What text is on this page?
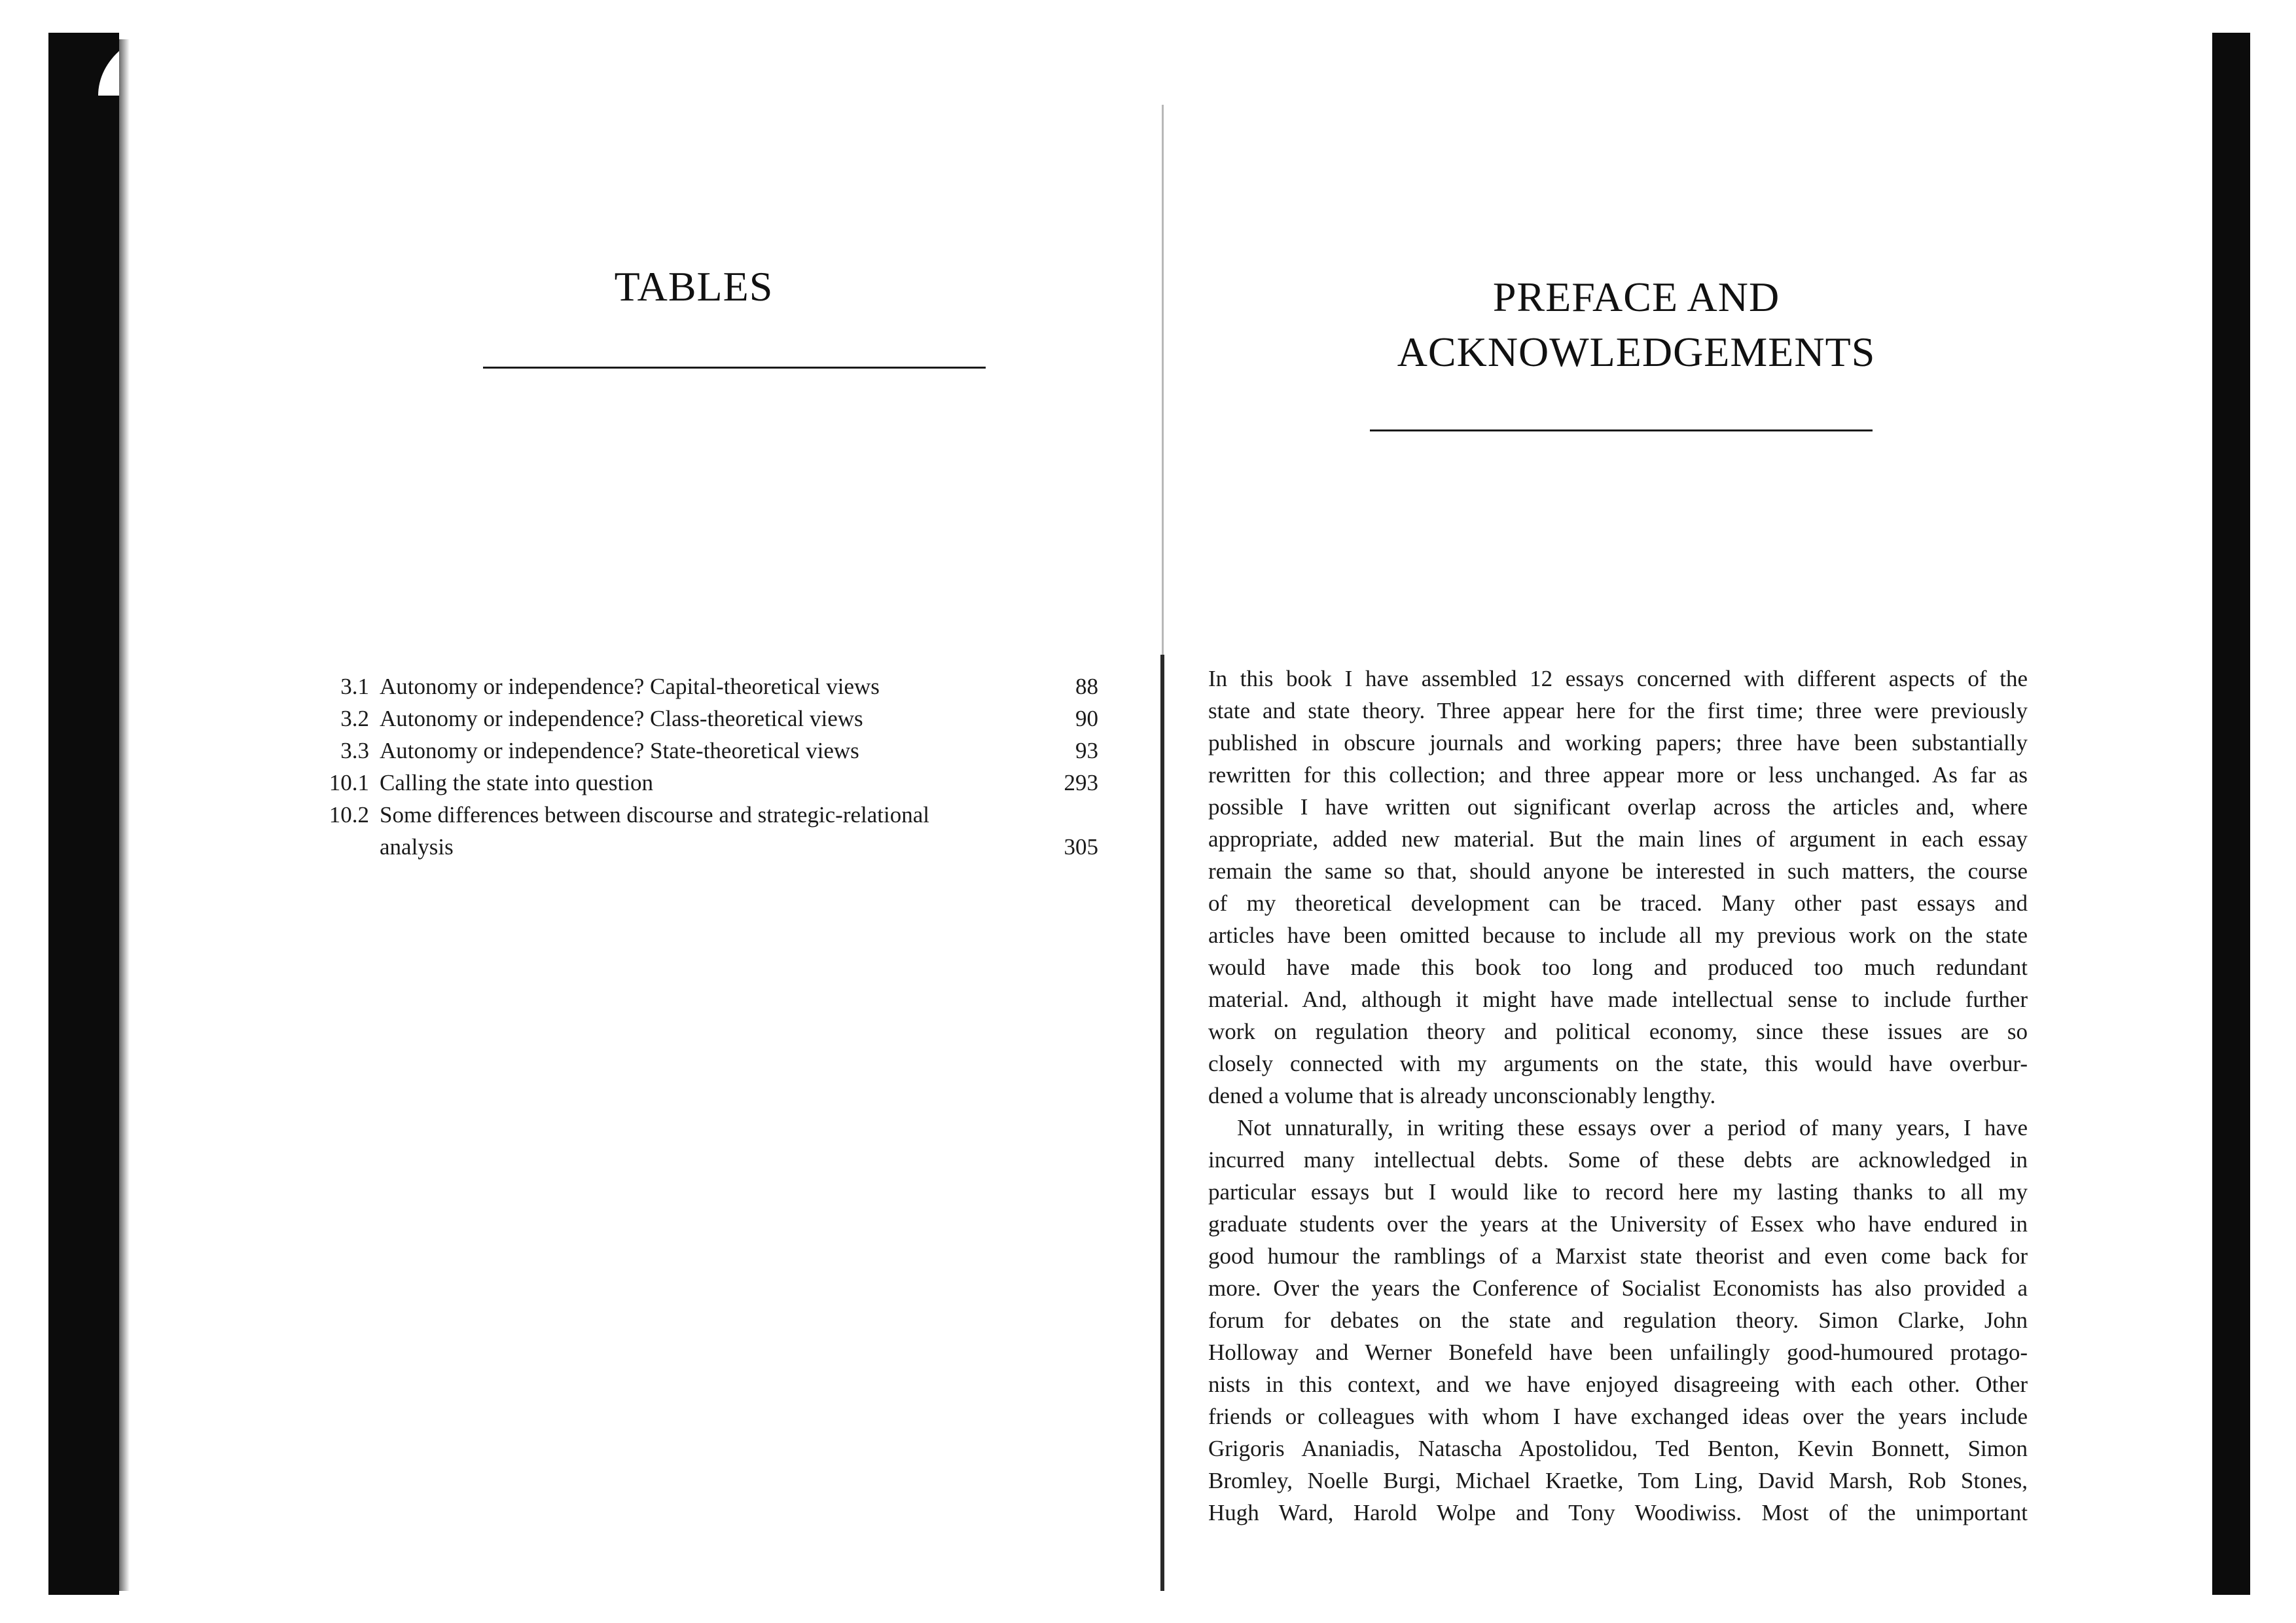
TABLES
3.1 Autonomy or independence? Capital-theoretical views	88
3.2 Autonomy or independence? Class-theoretical views	90
3.3 Autonomy or independence? State-theoretical views	93
10.1 Calling the state into question	293
10.2 Some differences between discourse and strategic-relational
analysis	305
PREFACE AND
ACKNOWLEDGEMENTS

In this book I have assembled 12 essays concerned with different aspects of the
state and state theory. Three appear here for the first time; three were previously
published in obscure journals and working papers; three have been substantially
rewritten for this collection; and three appear more or less unchanged. As far as
possible I have written out significant overlap across the articles and, where
appropriate, added new material. But the main lines of argument in each essay
remain the same so that, should anyone be interested in such matters, the course
of my theoretical development can be traced. Many other past essays and
articles have been omitted because to include all my previous work on the state
would have made this book too long and produced too much redundant
material. And, although it might have made intellectual sense to include further
work on regulation theory and political economy, since these issues are so
closely connected with my arguments on the state, this would have overbur-
dened a volume that is already unconscionably lengthy.

Not unnaturally, in writing these essays over a period of many years, I have
incurred many intellectual debts. Some of these debts are acknowledged in
particular essays but I would like to record here my lasting thanks to all my
graduate students over the years at the University of Essex who have endured in
good humour the ramblings of a Marxist state theorist and even come back for
more. Over the years the Conference of Socialist Economists has also provided a
forum for debates on the state and regulation theory. Simon Clarke, John
Holloway and Werner Bonefeld have been unfailingly good-humoured protago-
nists in this context, and we have enjoyed disagreeing with each other. Other
friends or colleagues with whom I have exchanged ideas over the years include
Grigoris Ananiadis, Natascha Apostolidou, Ted Benton, Kevin Bonnett, Simon
Bromley, Noelle Burgi, Michael Kraetke, Tom Ling, David Marsh, Rob Stones,
Hugh Ward, Harold Wolpe and Tony Woodiwiss. Most of the unimportant
